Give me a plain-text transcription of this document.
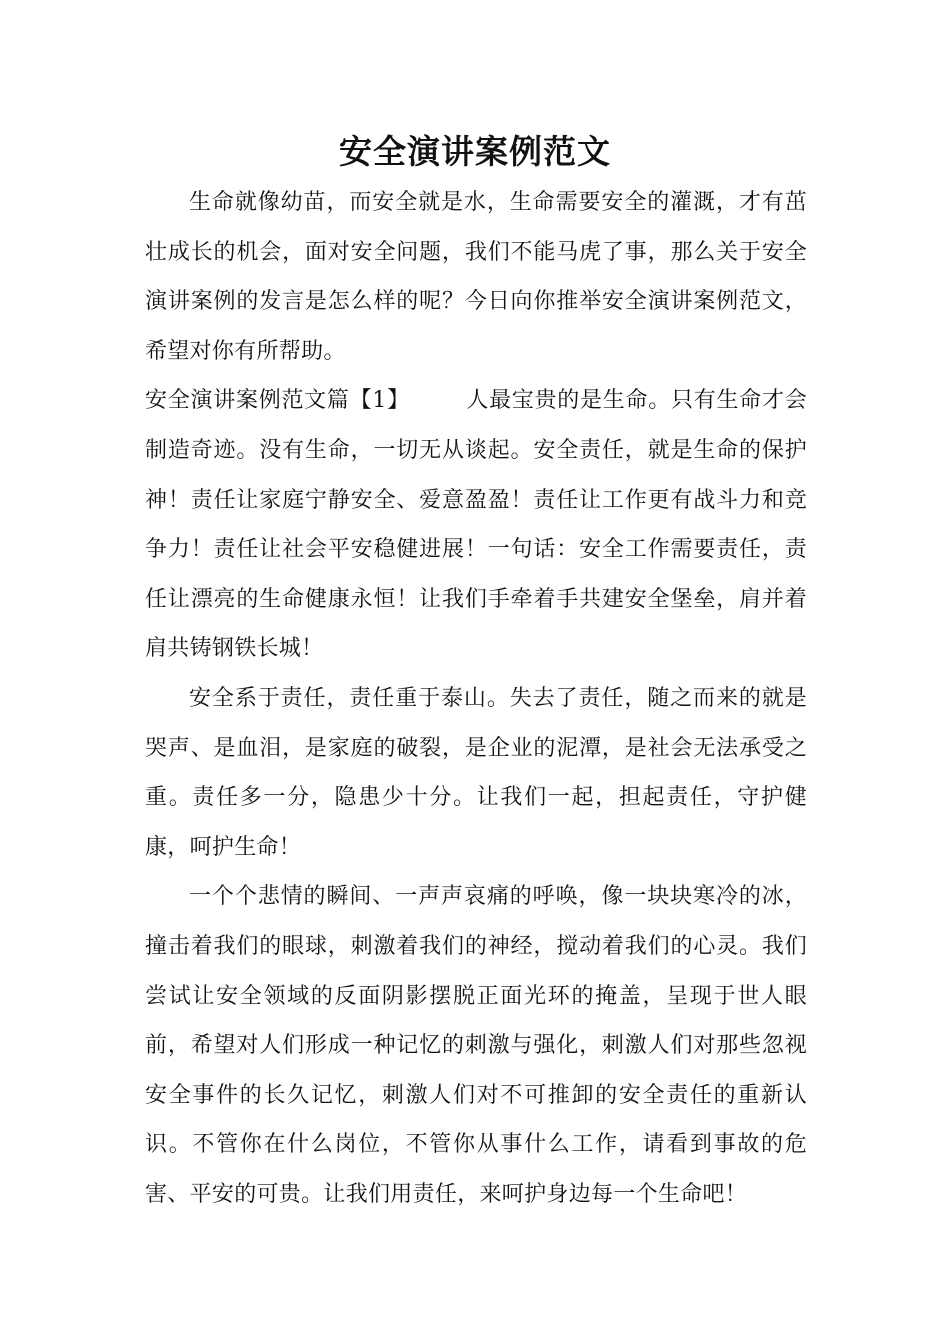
安全演讲案例范文

生命就像幼苗，而安全就是水，生命需要安全的灌溉，才有茁壮成长的机会，面对安全问题，我们不能马虎了事，那么关于安全演讲案例的发言是怎么样的呢？今日向你推举安全演讲案例范文，希望对你有所帮助。

安全演讲案例范文篇【1】	人最宝贵的是生命。只有生命才会制造奇迹。没有生命，一切无从谈起。安全责任，就是生命的保护神！责任让家庭宁静安全、爱意盈盈！责任让工作更有战斗力和竞争力！责任让社会平安稳健进展！一句话：安全工作需要责任，责任让漂亮的生命健康永恒！让我们手牵着手共建安全堡垒，肩并着肩共铸钢铁长城！

安全系于责任，责任重于泰山。失去了责任，随之而来的就是哭声、是血泪，是家庭的破裂，是企业的泥潭，是社会无法承受之重。责任多一分，隐患少十分。让我们一起，担起责任，守护健康，呵护生命！

一个个悲情的瞬间、一声声哀痛的呼唤，像一块块寒冷的冰，撞击着我们的眼球，刺激着我们的神经，搅动着我们的心灵。我们尝试让安全领域的反面阴影摆脱正面光环的掩盖，呈现于世人眼前，希望对人们形成一种记忆的刺激与强化，刺激人们对那些忽视安全事件的长久记忆，刺激人们对不可推卸的安全责任的重新认识。不管你在什么岗位，不管你从事什么工作，请看到事故的危害、平安的可贵。让我们用责任，来呵护身边每一个生命吧！
